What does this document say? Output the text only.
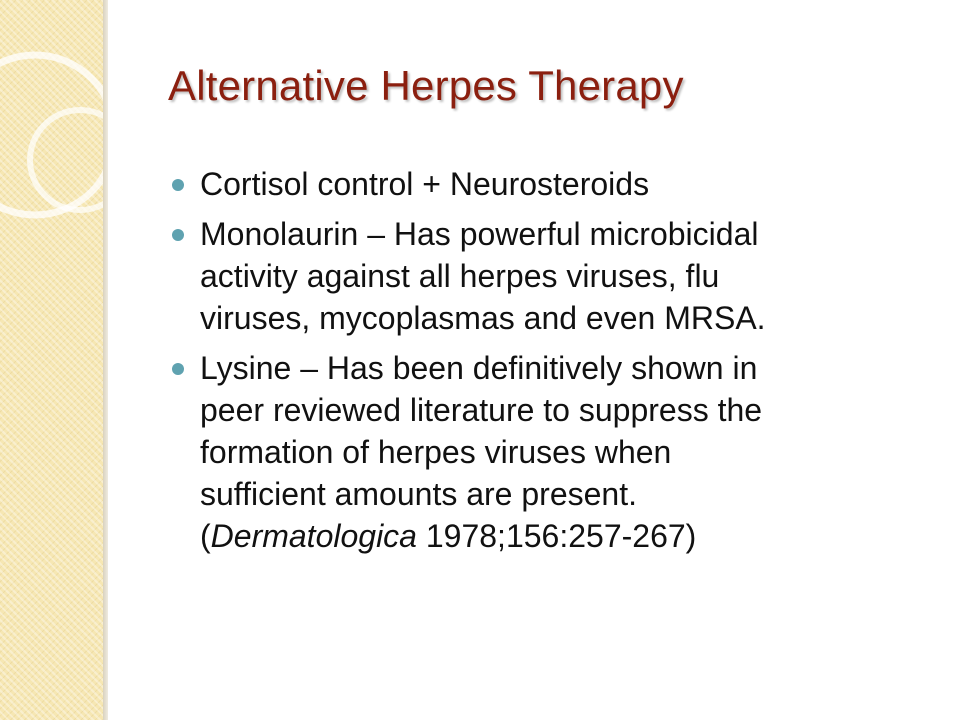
Alternative Herpes Therapy
Cortisol control + Neurosteroids
Monolaurin – Has powerful microbicidal
activity against all herpes viruses, flu
viruses, mycoplasmas and even MRSA.
Lysine – Has been definitively shown in
peer reviewed literature to suppress the
formation of herpes viruses when
sufficient amounts are present.
(Dermatologica 1978;156:257-267)
